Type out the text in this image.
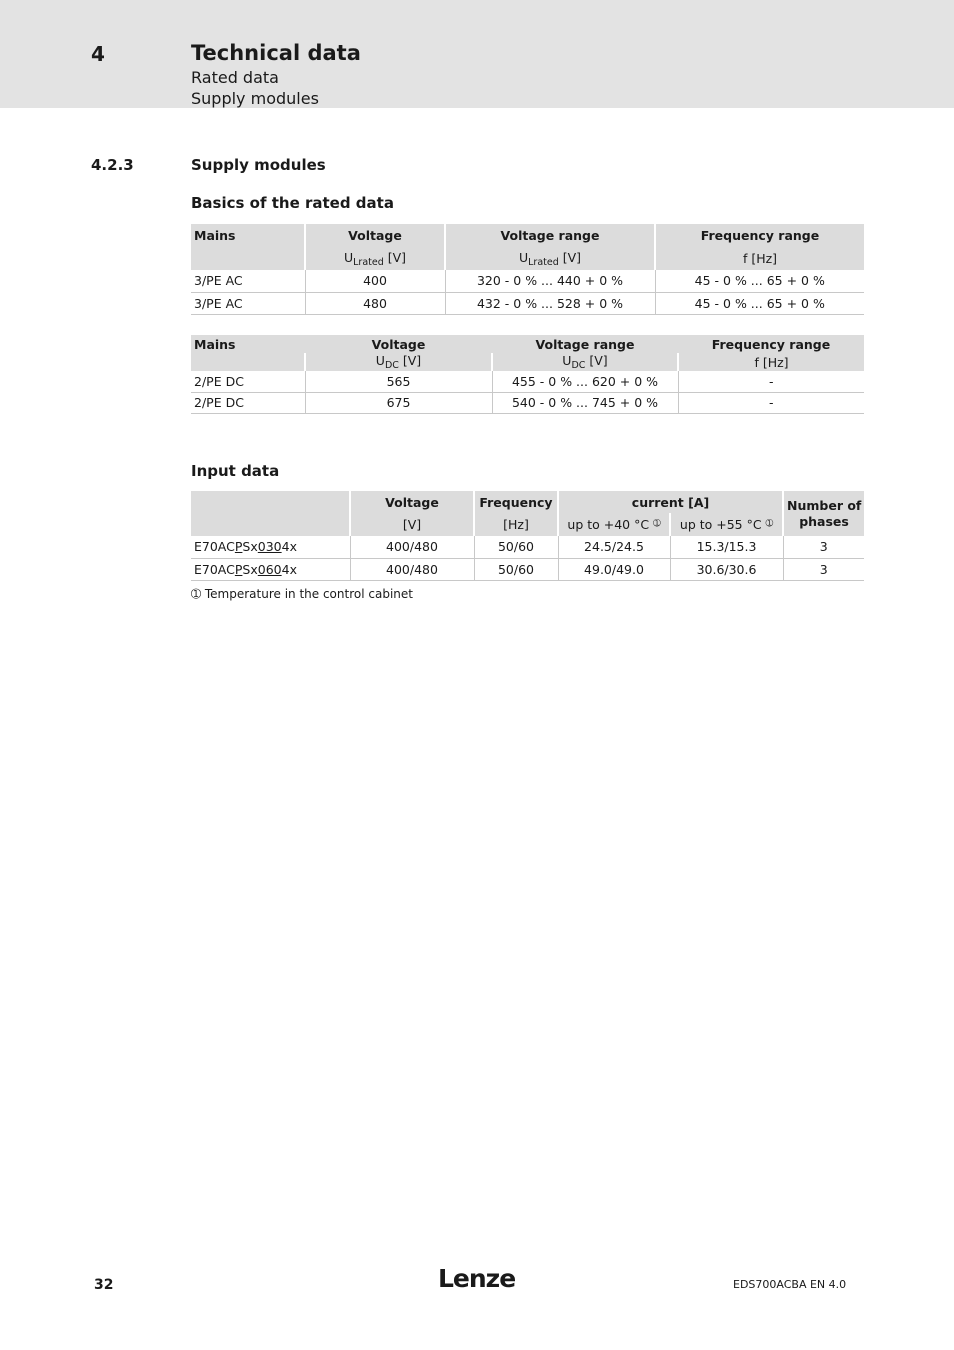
4	Technical data
Rated data
Supply modules
4.2.3	Supply modules
Basics of the rated data
Mains	Voltage	Voltage range	Frequency range
	$U_{Lrated}$ [V]	$U_{Lrated}$ [V]	f [Hz]
3/PE AC	400	320 - 0 % ... 440 + 0 %	45 - 0 % ... 65 + 0 %
3/PE AC	480	432 - 0 % ... 528 + 0 %	45 - 0 % ... 65 + 0 %
Mains	Voltage	Voltage range	Frequency range
	$U_{DC}$ [V]	$U_{DC}$ [V]	f [Hz]
2/PE DC	565	455 - 0 % ... 620 + 0 %	-
2/PE DC	675	540 - 0 % ... 745 + 0 %	-
Input data
	Voltage	Frequency	current [A]		Number of
phases
	[V]	[Hz]	up to +40 °C $^➀$	up to +55 °C $^➀$
E70ACPSx0304x	400/480	50/60	24.5/24.5	15.3/15.3	3
E70ACPSx0604x	400/480	50/60	49.0/49.0	30.6/30.6	3
➀ Temperature in the control cabinet
32	Lenze	EDS700ACBA EN 4.0
